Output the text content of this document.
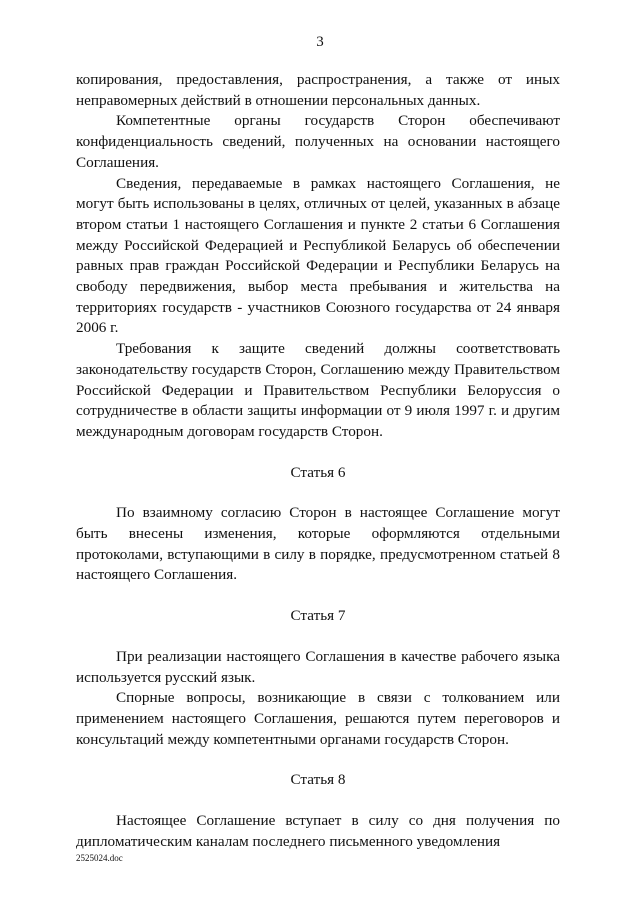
3

копирования, предоставления, распространения, а также от иных неправомерных действий в отношении персональных данных.

Компетентные органы государств Сторон обеспечивают конфиденциальность сведений, полученных на основании настоящего Соглашения.

Сведения, передаваемые в рамках настоящего Соглашения, не могут быть использованы в целях, отличных от целей, указанных в абзаце втором статьи 1 настоящего Соглашения и пункте 2 статьи 6 Соглашения между Российской Федерацией и Республикой Беларусь об обеспечении равных прав граждан Российской Федерации и Республики Беларусь на свободу передвижения, выбор места пребывания и жительства на территориях государств - участников Союзного государства от 24 января 2006 г.

Требования к защите сведений должны соответствовать законодательству государств Сторон, Соглашению между Правительством Российской Федерации и Правительством Республики Белоруссия о сотрудничестве в области защиты информации от 9 июля 1997 г. и другим международным договорам государств Сторон.

Статья 6

По взаимному согласию Сторон в настоящее Соглашение могут быть внесены изменения, которые оформляются отдельными протоколами, вступающими в силу в порядке, предусмотренном статьей 8 настоящего Соглашения.

Статья 7

При реализации настоящего Соглашения в качестве рабочего языка используется русский язык.

Спорные вопросы, возникающие в связи с толкованием или применением настоящего Соглашения, решаются путем переговоров и консультаций между компетентными органами государств Сторон.

Статья 8

Настоящее Соглашение вступает в силу со дня получения по дипломатическим каналам последнего письменного уведомления

2525024.doc
